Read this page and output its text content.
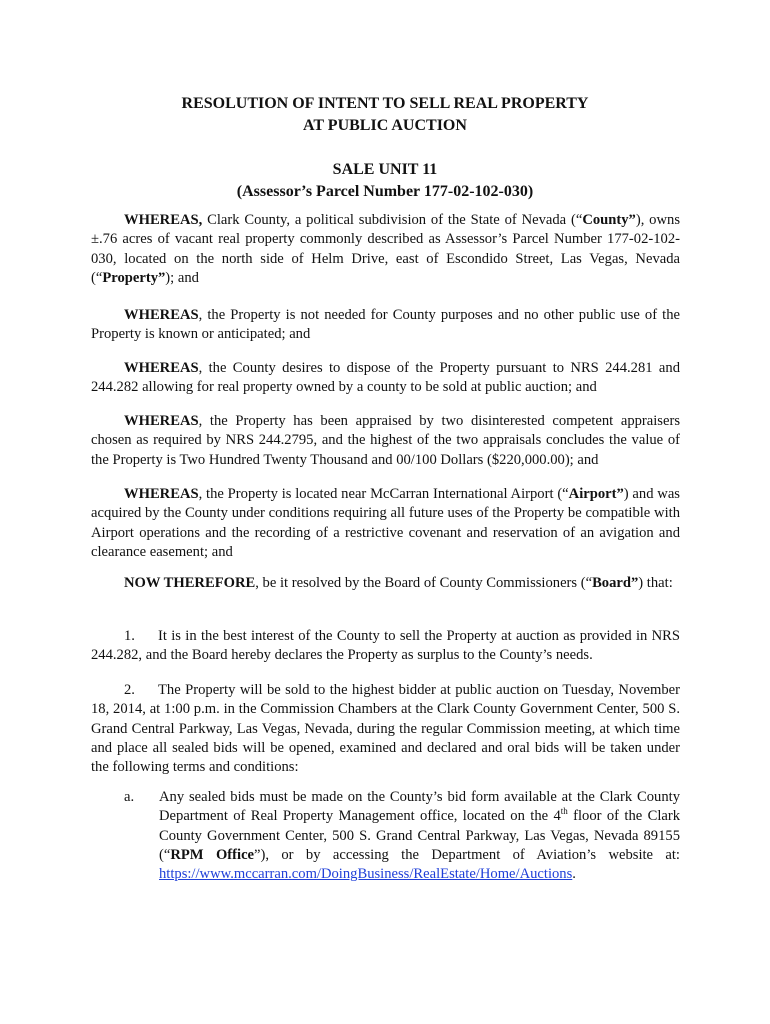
RESOLUTION OF INTENT TO SELL REAL PROPERTY
AT PUBLIC AUCTION
SALE UNIT 11
(Assessor’s Parcel Number 177-02-102-030)

WHEREAS, Clark County, a political subdivision of the State of Nevada (“County”), owns ±.76 acres of vacant real property commonly described as Assessor’s Parcel Number 177-02-102-030, located on the north side of Helm Drive, east of Escondido Street, Las Vegas, Nevada (“Property”); and

WHEREAS, the Property is not needed for County purposes and no other public use of the Property is known or anticipated; and

WHEREAS, the County desires to dispose of the Property pursuant to NRS 244.281 and 244.282 allowing for real property owned by a county to be sold at public auction; and

WHEREAS, the Property has been appraised by two disinterested competent appraisers chosen as required by NRS 244.2795, and the highest of the two appraisals concludes the value of the Property is Two Hundred Twenty Thousand and 00/100 Dollars ($220,000.00); and

WHEREAS, the Property is located near McCarran International Airport (“Airport”) and was acquired by the County under conditions requiring all future uses of the Property be compatible with Airport operations and the recording of a restrictive covenant and reservation of an avigation and clearance easement; and

NOW THEREFORE, be it resolved by the Board of County Commissioners (“Board”) that:

1. It is in the best interest of the County to sell the Property at auction as provided in NRS 244.282, and the Board hereby declares the Property as surplus to the County’s needs.

2. The Property will be sold to the highest bidder at public auction on Tuesday, November 18, 2014, at 1:00 p.m. in the Commission Chambers at the Clark County Government Center, 500 S. Grand Central Parkway, Las Vegas, Nevada, during the regular Commission meeting, at which time and place all sealed bids will be opened, examined and declared and oral bids will be taken under the following terms and conditions:

a. Any sealed bids must be made on the County’s bid form available at the Clark County Department of Real Property Management office, located on the 4th floor of the Clark County Government Center, 500 S. Grand Central Parkway, Las Vegas, Nevada 89155 (“RPM Office”), or by accessing the Department of Aviation’s website at: https://www.mccarran.com/DoingBusiness/RealEstate/Home/Auctions.
